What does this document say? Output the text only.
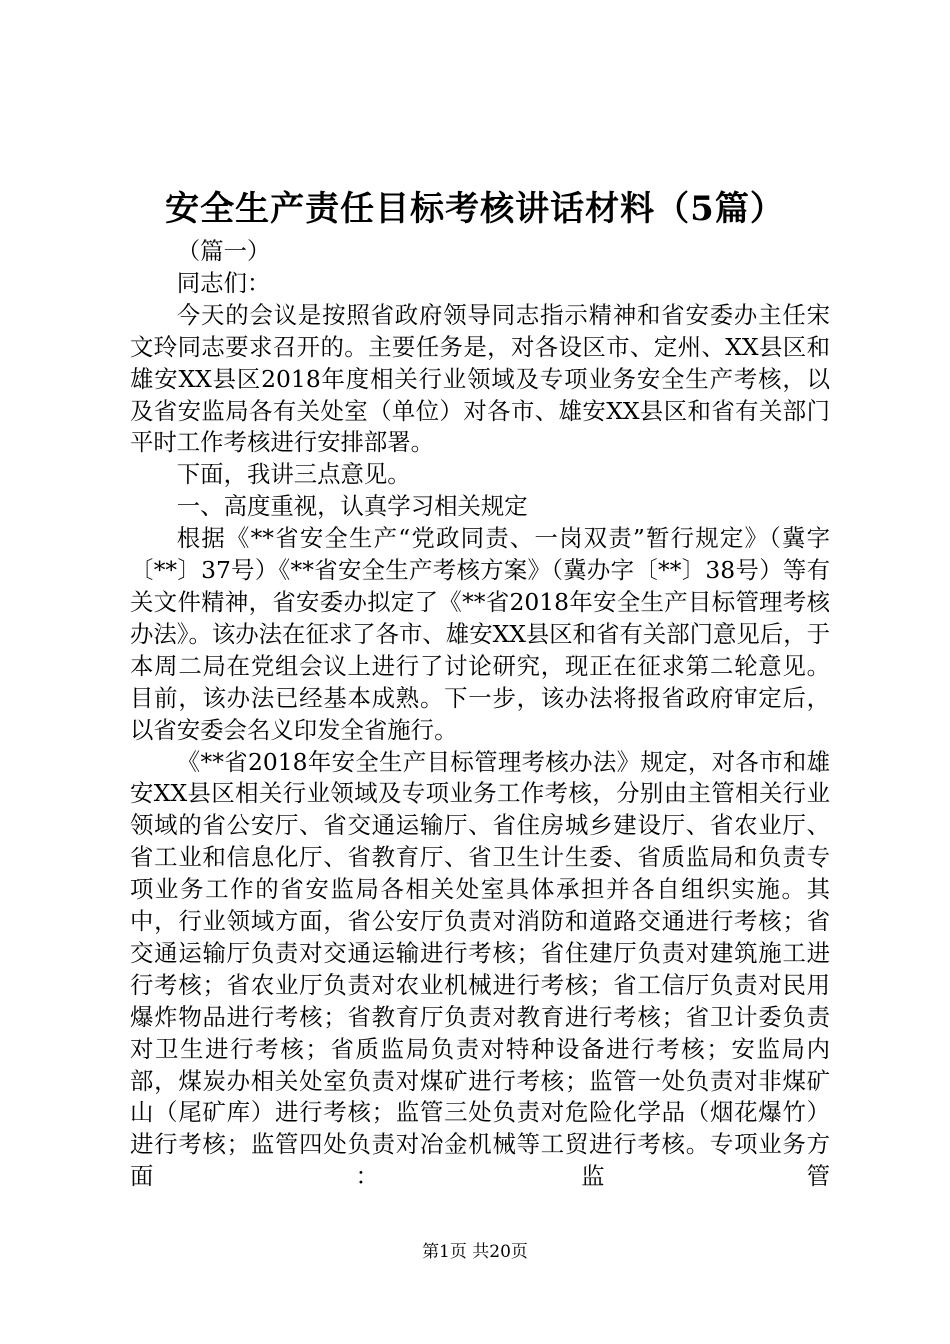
安全生产责任目标考核讲话材料（5篇）

（篇一）

同志们：

今天的会议是按照省政府领导同志指示精神和省安委办主任宋文玲同志要求召开的。主要任务是，对各设区市、定州、XX县区和雄安XX县区2018年度相关行业领域及专项业务安全生产考核，以及省安监局各有关处室（单位）对各市、雄安XX县区和省有关部门平时工作考核进行安排部署。

下面，我讲三点意见。

一、高度重视，认真学习相关规定

根据《**省安全生产“党政同责、一岗双责”暂行规定》（冀字〔**〕37号）《**省安全生产考核方案》（冀办字〔**〕38号）等有关文件精神，省安委办拟定了《**省2018年安全生产目标管理考核办法》。该办法在征求了各市、雄安XX县区和省有关部门意见后，于本周二局在党组会议上进行了讨论研究，现正在征求第二轮意见。目前，该办法已经基本成熟。下一步，该办法将报省政府审定后，以省安委会名义印发全省施行。

《**省2018年安全生产目标管理考核办法》规定，对各市和雄安XX县区相关行业领域及专项业务工作考核，分别由主管相关行业领域的省公安厅、省交通运输厅、省住房城乡建设厅、省农业厅、省工业和信息化厅、省教育厅、省卫生计生委、省质监局和负责专项业务工作的省安监局各相关处室具体承担并各自组织实施。其中，行业领域方面，省公安厅负责对消防和道路交通进行考核；省交通运输厅负责对交通运输进行考核；省住建厅负责对建筑施工进行考核；省农业厅负责对农业机械进行考核；省工信厅负责对民用爆炸物品进行考核；省教育厅负责对教育进行考核；省卫计委负责对卫生进行考核；省质监局负责对特种设备进行考核；安监局内部，煤炭办相关处室负责对煤矿进行考核；监管一处负责对非煤矿山（尾矿库）进行考核；监管三处负责对危险化学品（烟花爆竹）进行考核；监管四处负责对冶金机械等工贸进行考核。专项业务方面：监管

第1页 共20页
